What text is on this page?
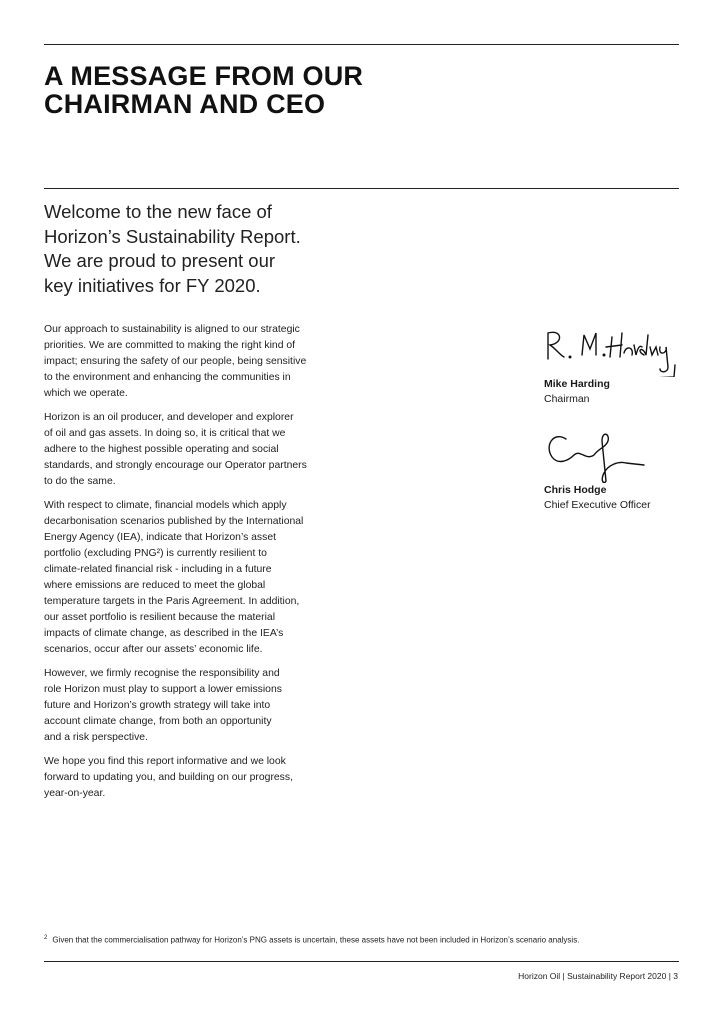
A MESSAGE FROM OUR
CHAIRMAN AND CEO
Welcome to the new face of
Horizon’s Sustainability Report.
We are proud to present our
key initiatives for FY 2020.

Our approach to sustainability is aligned to our strategic
priorities. We are committed to making the right kind of
impact; ensuring the safety of our people, being sensitive
to the environment and enhancing the communities in
which we operate.

Horizon is an oil producer, and developer and explorer
of oil and gas assets. In doing so, it is critical that we
adhere to the highest possible operating and social
standards, and strongly encourage our Operator partners
to do the same.

With respect to climate, financial models which apply
decarbonisation scenarios published by the International
Energy Agency (IEA), indicate that Horizon’s asset
portfolio (excluding PNG²) is currently resilient to
climate-related financial risk - including in a future
where emissions are reduced to meet the global
temperature targets in the Paris Agreement. In addition,
our asset portfolio is resilient because the material
impacts of climate change, as described in the IEA’s
scenarios, occur after our assets’ economic life.

However, we firmly recognise the responsibility and
role Horizon must play to support a lower emissions
future and Horizon’s growth strategy will take into
account climate change, from both an opportunity
and a risk perspective.

We hope you find this report informative and we look
forward to updating you, and building on our progress,
year-on-year.

Mike Harding
Chairman
Chris Hodge
Chief Executive Officer
$^2$ Given that the commercialisation pathway for Horizon’s PNG assets is uncertain, these assets have not been included in Horizon’s scenario analysis.
Horizon Oil | Sustainability Report 2020 | 3
